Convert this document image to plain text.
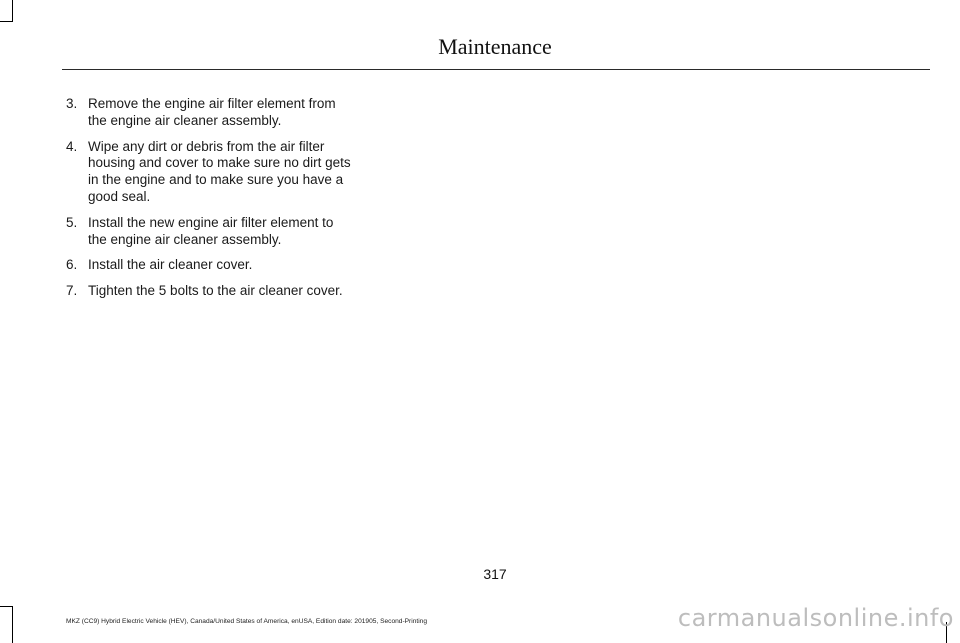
Maintenance
3. Remove the engine air filter element from the engine air cleaner assembly.
4. Wipe any dirt or debris from the air filter housing and cover to make sure no dirt gets in the engine and to make sure you have a good seal.
5. Install the new engine air filter element to the engine air cleaner assembly.
6. Install the air cleaner cover.
7. Tighten the 5 bolts to the air cleaner cover.
317
MKZ (CC9) Hybrid Electric Vehicle (HEV), Canada/United States of America, enUSA, Edition date: 201905, Second-Printing	carmanualsonline.info
